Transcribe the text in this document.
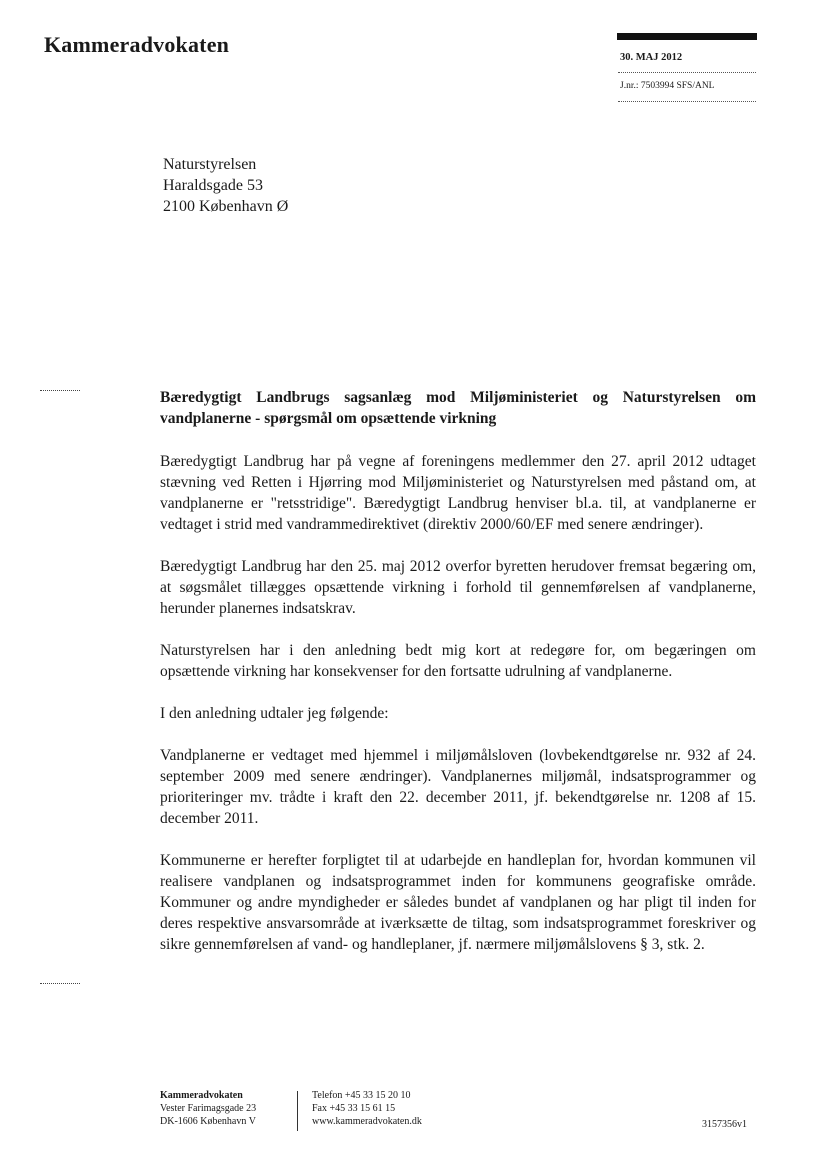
Kammeradvokaten
30. MAJ 2012
J.nr.: 7503994 SFS/ANL
Naturstyrelsen
Haraldsgade 53
2100 København Ø

Bæredygtigt Landbrugs sagsanlæg mod Miljøministeriet og Naturstyrelsen om vandplanerne - spørgsmål om opsættende virkning

Bæredygtigt Landbrug har på vegne af foreningens medlemmer den 27. april 2012 udtaget stævning ved Retten i Hjørring mod Miljøministeriet og Naturstyrelsen med påstand om, at vandplanerne er "retsstridige". Bæredygtigt Landbrug henviser bl.a. til, at vandplanerne er vedtaget i strid med vandrammedirektivet (direktiv 2000/60/EF med senere ændringer).

Bæredygtigt Landbrug har den 25. maj 2012 overfor byretten herudover fremsat begæring om, at søgsmålet tillægges opsættende virkning i forhold til gennemførelsen af vandplanerne, herunder planernes indsatskrav.

Naturstyrelsen har i den anledning bedt mig kort at redegøre for, om begæringen om opsættende virkning har konsekvenser for den fortsatte udrulning af vandplanerne.

I den anledning udtaler jeg følgende:

Vandplanerne er vedtaget med hjemmel i miljømålsloven (lovbekendtgørelse nr. 932 af 24. september 2009 med senere ændringer). Vandplanernes miljømål, indsatsprogrammer og prioriteringer mv. trådte i kraft den 22. december 2011, jf. bekendtgørelse nr. 1208 af 15. december 2011.

Kommunerne er herefter forpligtet til at udarbejde en handleplan for, hvordan kommunen vil realisere vandplanen og indsatsprogrammet inden for kommunens geografiske område. Kommuner og andre myndigheder er således bundet af vandplanen og har pligt til inden for deres respektive ansvarsområde at iværksætte de tiltag, som indsatsprogrammet foreskriver og sikre gennemførelsen af vand- og handleplaner, jf. nærmere miljømålslovens § 3, stk. 2.

Kammeradvokaten
Vester Farimagsgade 23
DK-1606 København V
Telefon +45 33 15 20 10
Fax +45 33 15 61 15
www.kammeradvokaten.dk	3157356v1
